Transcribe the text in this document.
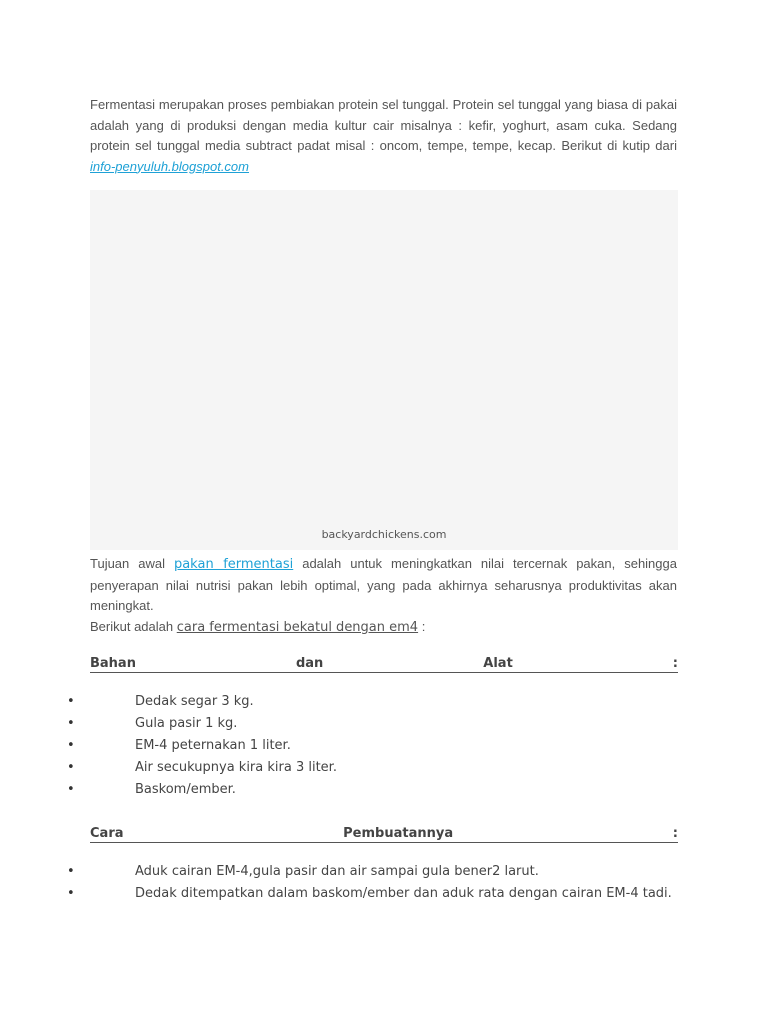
Fermentasi merupakan proses pembiakan protein sel tunggal. Protein sel tunggal yang biasa di pakai adalah yang di produksi dengan media kultur cair misalnya : kefir, yoghurt, asam cuka. Sedang protein sel tunggal media subtract padat misal : oncom, tempe, tempe, kecap. Berikut di kutip dari info-penyuluh.blogspot.com

backyardchickens.com

Tujuan awal pakan fermentasi adalah untuk meningkatkan nilai tercernak pakan, sehingga penyerapan nilai nutrisi pakan lebih optimal, yang pada akhirnya seharusnya produktivitas akan meningkat.
Berikut adalah cara fermentasi bekatul dengan em4 :

Bahan	dan	Alat	:
•	Dedak segar 3 kg.
•	Gula pasir 1 kg.
•	EM-4 peternakan 1 liter.
•	Air secukupnya kira kira 3 liter.
•	Baskom/ember.
Cara	Pembuatannya	:
•	Aduk cairan EM-4,gula pasir dan air sampai gula bener2 larut.
•	Dedak ditempatkan dalam baskom/ember dan aduk rata dengan cairan EM-4 tadi.
